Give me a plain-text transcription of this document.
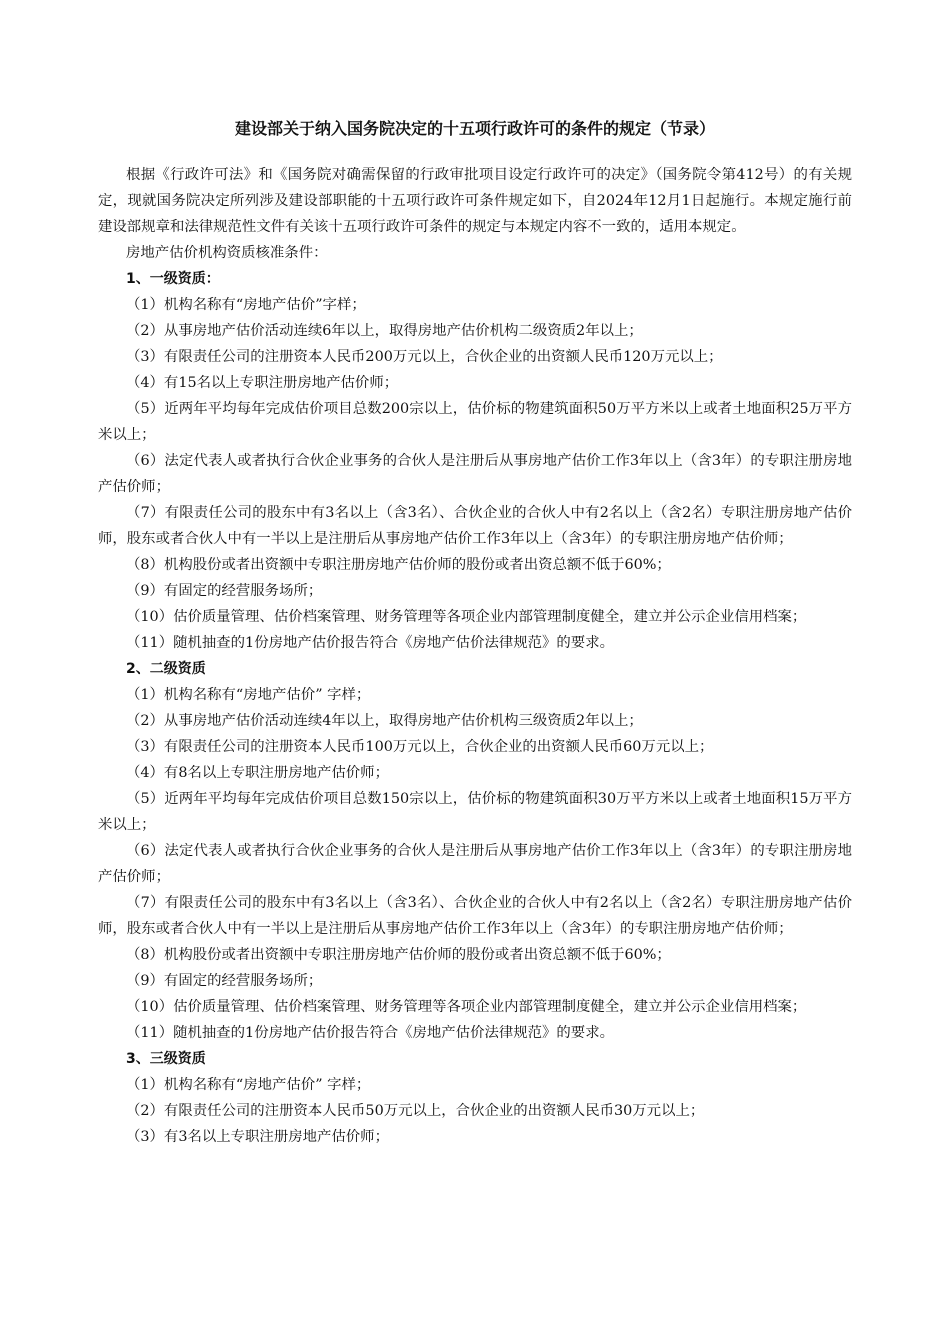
建设部关于纳入国务院决定的十五项行政许可的条件的规定（节录）

根据《行政许可法》和《国务院对确需保留的行政审批项目设定行政许可的决定》（国务院令第412号）的有关规定，现就国务院决定所列涉及建设部职能的十五项行政许可条件规定如下，自2024年12月1日起施行。本规定施行前建设部规章和法律规范性文件有关该十五项行政许可条件的规定与本规定内容不一致的，适用本规定。

房地产估价机构资质核准条件：

1、一级资质：

（1）机构名称有“房地产估价”字样；

（2）从事房地产估价活动连续6年以上，取得房地产估价机构二级资质2年以上；

（3）有限责任公司的注册资本人民币200万元以上，合伙企业的出资额人民币120万元以上；

（4）有15名以上专职注册房地产估价师；

（5）近两年平均每年完成估价项目总数200宗以上，估价标的物建筑面积50万平方米以上或者土地面积25万平方米以上；

（6）法定代表人或者执行合伙企业事务的合伙人是注册后从事房地产估价工作3年以上（含3年）的专职注册房地产估价师；

（7）有限责任公司的股东中有3名以上（含3名）、合伙企业的合伙人中有2名以上（含2名）专职注册房地产估价师，股东或者合伙人中有一半以上是注册后从事房地产估价工作3年以上（含3年）的专职注册房地产估价师；

（8）机构股份或者出资额中专职注册房地产估价师的股份或者出资总额不低于60%；

（9）有固定的经营服务场所；

（10）估价质量管理、估价档案管理、财务管理等各项企业内部管理制度健全，建立并公示企业信用档案；

（11）随机抽查的1份房地产估价报告符合《房地产估价法律规范》的要求。

2、二级资质

（1）机构名称有“房地产估价” 字样；

（2）从事房地产估价活动连续4年以上，取得房地产估价机构三级资质2年以上；

（3）有限责任公司的注册资本人民币100万元以上，合伙企业的出资额人民币60万元以上；

（4）有8名以上专职注册房地产估价师；

（5）近两年平均每年完成估价项目总数150宗以上，估价标的物建筑面积30万平方米以上或者土地面积15万平方米以上；

（6）法定代表人或者执行合伙企业事务的合伙人是注册后从事房地产估价工作3年以上（含3年）的专职注册房地产估价师；

（7）有限责任公司的股东中有3名以上（含3名）、合伙企业的合伙人中有2名以上（含2名）专职注册房地产估价师，股东或者合伙人中有一半以上是注册后从事房地产估价工作3年以上（含3年）的专职注册房地产估价师；

（8）机构股份或者出资额中专职注册房地产估价师的股份或者出资总额不低于60%；

（9）有固定的经营服务场所；

（10）估价质量管理、估价档案管理、财务管理等各项企业内部管理制度健全，建立并公示企业信用档案；

（11）随机抽查的1份房地产估价报告符合《房地产估价法律规范》的要求。

3、三级资质

（1）机构名称有“房地产估价” 字样；

（2）有限责任公司的注册资本人民币50万元以上，合伙企业的出资额人民币30万元以上；

（3）有3名以上专职注册房地产估价师；
